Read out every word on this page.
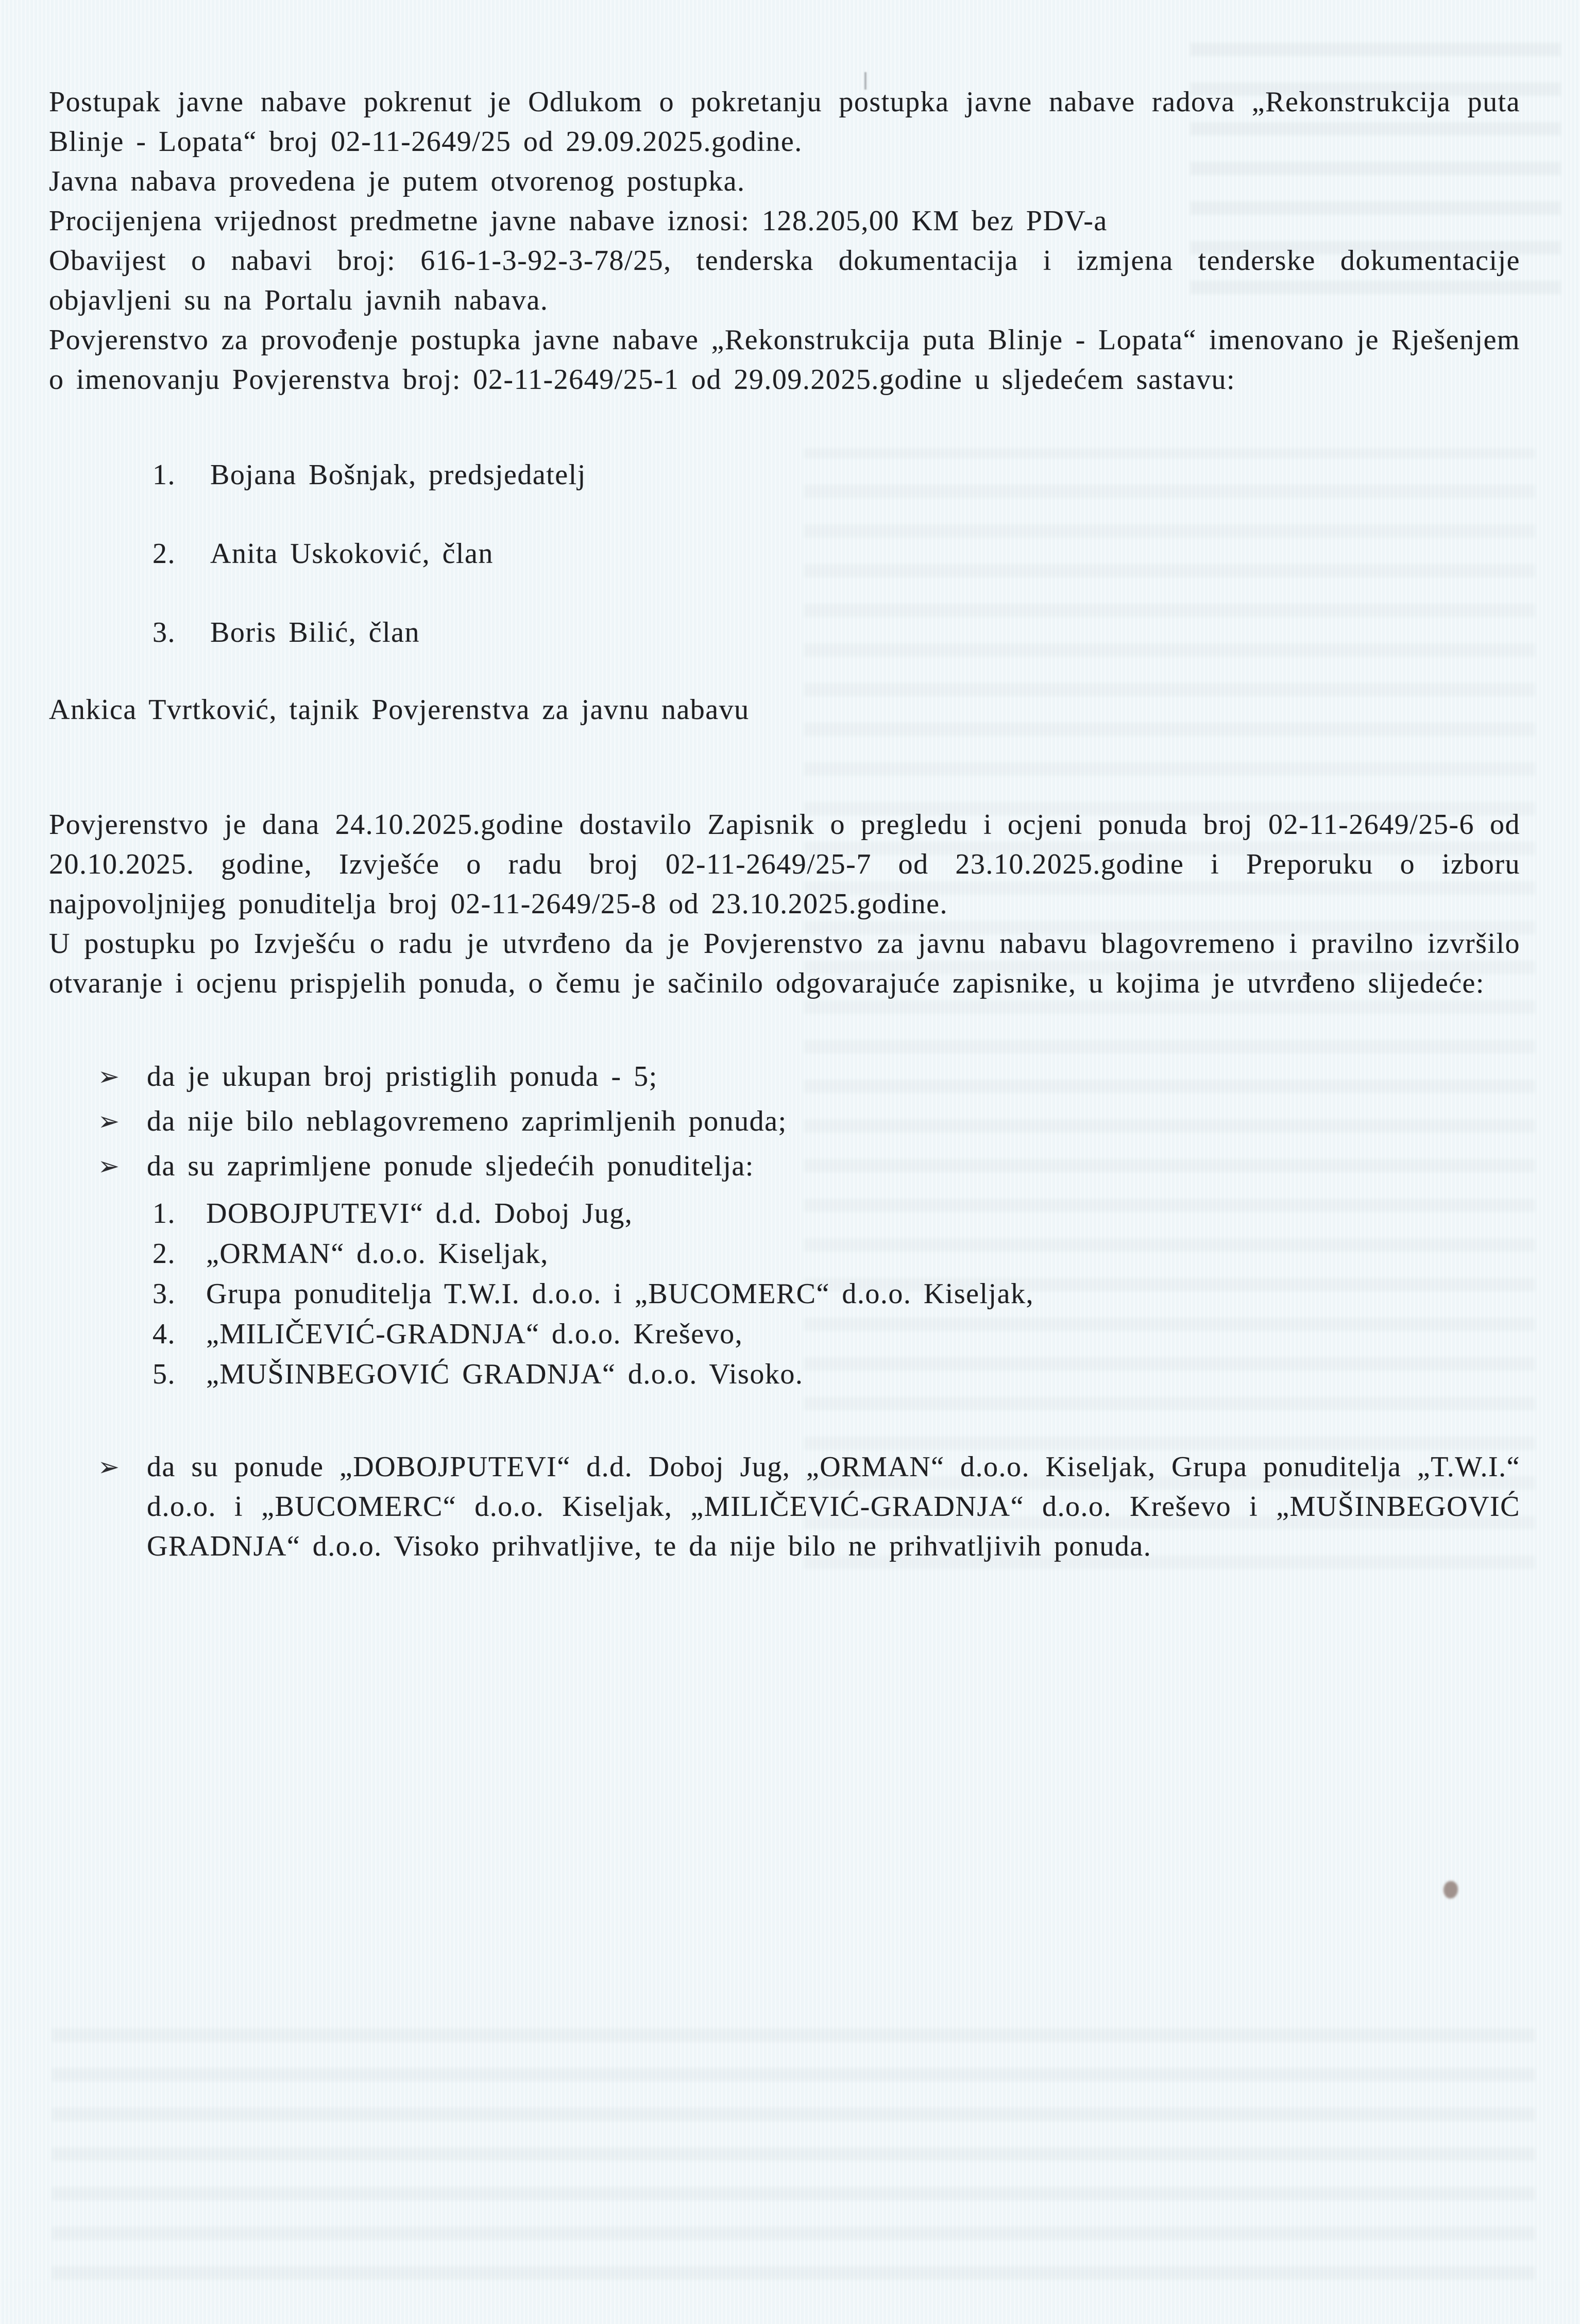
Postupak javne nabave pokrenut je Odlukom o pokretanju postupka javne nabave radova „Rekonstrukcija puta Blinje - Lopata“ broj 02-11-2649/25 od 29.09.2025.godine.

Javna nabava provedena je putem otvorenog postupka.

Procijenjena vrijednost predmetne javne nabave iznosi: 128.205,00 KM bez PDV-a

Obavijest o nabavi broj: 616-1-3-92-3-78/25, tenderska dokumentacija i izmjena tenderske dokumentacije objavljeni su na Portalu javnih nabava.

Povjerenstvo za provođenje postupka javne nabave „Rekonstrukcija puta Blinje - Lopata“ imenovano je Rješenjem o imenovanju Povjerenstva broj: 02-11-2649/25-1 od 29.09.2025.godine u sljedećem sastavu:

1. Bojana Bošnjak, predsjedatelj
2. Anita Uskoković, član
3. Boris Bilić, član

Ankica Tvrtković, tajnik Povjerenstva za javnu nabavu

Povjerenstvo je dana 24.10.2025.godine dostavilo Zapisnik o pregledu i ocjeni ponuda broj 02-11-2649/25-6 od 20.10.2025. godine, Izvješće o radu broj 02-11-2649/25-7 od 23.10.2025.godine i Preporuku o izboru najpovoljnijeg ponuditelja broj 02-11-2649/25-8 od 23.10.2025.godine.

U postupku po Izvješću o radu je utvrđeno da je Povjerenstvo za javnu nabavu blagovremeno i pravilno izvršilo otvaranje i ocjenu prispjelih ponuda, o čemu je sačinilo odgovarajuće zapisnike, u kojima je utvrđeno slijedeće:

➢ da je ukupan broj pristiglih ponuda - 5;
➢ da nije bilo neblagovremeno zaprimljenih ponuda;
➢ da su zaprimljene ponude sljedećih ponuditelja:
1. DOBOJPUTEVI“ d.d. Doboj Jug,
2. „ORMAN“ d.o.o. Kiseljak,
3. Grupa ponuditelja T.W.I. d.o.o. i „BUCOMERC“ d.o.o. Kiseljak,
4. „MILIČEVIĆ-GRADNJA“ d.o.o. Kreševo,
5. „MUŠINBEGOVIĆ GRADNJA“ d.o.o. Visoko.
➢ da su ponude „DOBOJPUTEVI“ d.d. Doboj Jug, „ORMAN“ d.o.o. Kiseljak, Grupa ponuditelja „T.W.I.“ d.o.o. i „BUCOMERC“ d.o.o. Kiseljak, „MILIČEVIĆ-GRADNJA“ d.o.o. Kreševo i „MUŠINBEGOVIĆ GRADNJA“ d.o.o. Visoko prihvatljive, te da nije bilo ne prihvatljivih ponuda.
